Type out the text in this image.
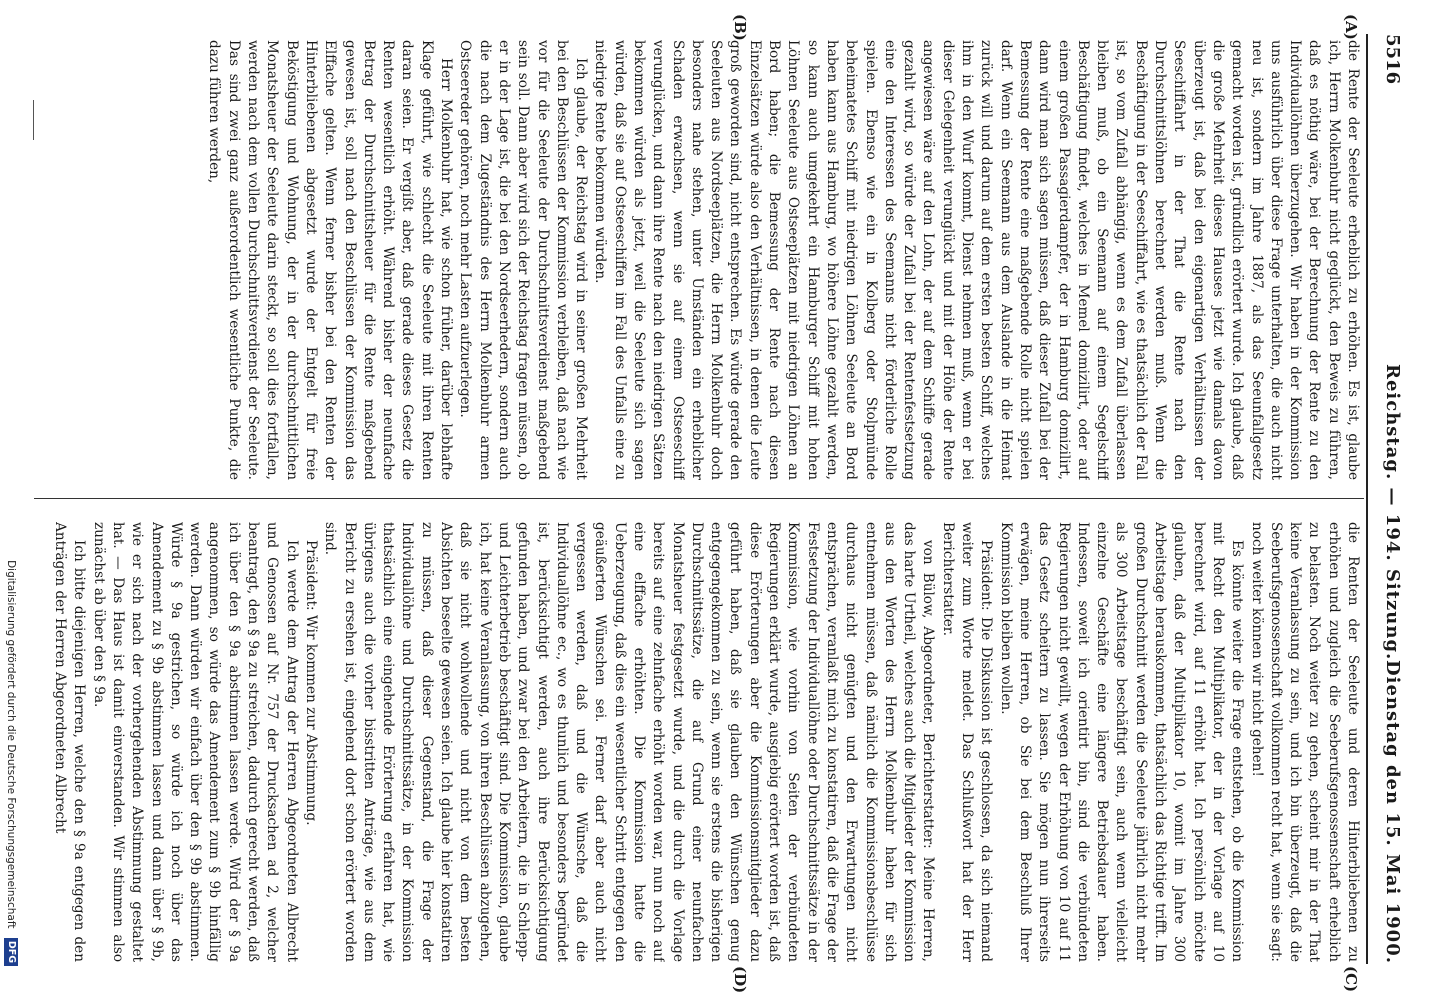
5516
Reichstag. — 194. Sitzung.
Dienstag den 15. Mai 1900.
(A)
(B)
(C)
(D)

die Rente der Seeleute erheblich zu erhöhen. Es ist, glaube ich, Herrn Molkenbuhr nicht geglückt, den Beweis zu führen, daß es nöthig wäre, bei der Berechnung der Rente zu den Individuallöhnen überzugehen. Wir haben in der Kommission uns ausführlich über diese Frage unterhalten, die auch nicht neu ist, sondern im Jahre 1887, als das Seeunfallgesetz gemacht worden ist, gründlich erörtert wurde. Ich glaube, daß die große Mehrheit dieses Hauses jetzt wie damals davon überzeugt ist, daß bei den eigenartigen Verhältnissen der Seeschiffahrt in der That die Rente nach den Durchschnittslöhnen berechnet werden muß. Wenn die Beschäftigung in der Seeschiffahrt, wie es thatsächlich der Fall ist, so vom Zufall abhängig, wenn es dem Zufall überlassen bleiben muß, ob ein Seemann auf einem Segelschiff Beschäftigung findet, welches in Memel domizilirt, oder auf einem großen Passagierdampfer, der in Hamburg domizilirt, dann wird man sich sagen müssen, daß dieser Zufall bei der Bemessung der Rente eine maßgebende Rolle nicht spielen darf. Wenn ein Seemann aus dem Auslande in die Heimat zurück will und darum auf dem ersten besten Schiff, welches ihm in den Wurf kommt, Dienst nehmen muß, wenn er bei dieser Gelegenheit verunglückt und mit der Höhe der Rente angewiesen wäre auf den Lohn, der auf dem Schiffe gerade gezahlt wird, so würde der Zufall bei der Rentenfestsetzung eine den Interessen des Seemanns nicht förderliche Rolle spielen. Ebenso wie ein in Kolberg oder Stolpmünde beheimatetes Schiff mit niedrigen Löhnen Seeleute an Bord haben kann aus Hamburg, wo höhere Löhne gezahlt werden, so kann auch umgekehrt ein Hamburger Schiff mit hohen Löhnen Seeleute aus Ostseeplätzen mit niedrigen Löhnen an Bord haben; die Bemessung der Rente nach diesen Einzelsätzen würde also den Verhältnissen, in denen die Leute groß geworden sind, nicht entsprechen. Es würde gerade den Seeleuten aus Nordseeplätzen, die Herrn Molkenbuhr doch besonders nahe stehen, unter Umständen ein erheblicher Schaden erwachsen, wenn sie auf einem Ostseeschiff verunglücken, und dann ihre Rente nach den niedrigen Sätzen bekommen würden als jetzt, weil die Seeleute sich sagen würden, daß sie auf Ostseeschiffen im Fall des Unfalls eine zu niedrige Rente bekommen würden.

Ich glaube, der Reichstag wird in seiner großen Mehrheit bei den Beschlüssen der Kommission verbleiben, daß nach wie vor für die Seeleute der Durchschnittsverdienst maßgebend sein soll. Dann aber wird sich der Reichstag fragen müssen, ob er in der Lage ist, die bei den Nordseerhedern, sondern auch die nach dem Zugeständnis des Herrn Molkenbuhr armen Ostseereder gehören, noch mehr Lasten aufzuerlegen.

Herr Molkenbuhr hat, wie schon früher, darüber lebhafte Klage geführt, wie schlecht die Seeleute mit ihren Renten daran seien. Er vergißt aber, daß gerade dieses Gesetz die Renten wesentlich erhöht. Während bisher der neunfache Betrag der Durchschnittsheuer für die Rente maßgebend gewesen ist, soll nach den Beschlüssen der Kommission das Elffache gelten. Wenn ferner bisher bei den Renten der Hinterbliebenen abgesetzt wurde der Entgelt für freie Beköstigung und Wohnung, der in der durchschnittlichen Monatsheuer der Seeleute darin steckt, so soll dies fortfallen, werden nach dem vollen Durchschnittsverdienst der Seeleute. Das sind zwei ganz außerordentlich wesentliche Punkte, die dazu führen werden,

die Renten der Seeleute und deren Hinterbliebenen zu erhöhen und zugleich die Seeberufsgenossenschaft erheblich zu belasten. Noch weiter zu gehen, scheint mir in der That keine Veranlassung zu sein, und ich bin überzeugt, daß die Seeberufsgenossenschaft vollkommen recht hat, wenn sie sagt: noch weiter können wir nicht gehen!

Es könnte weiter die Frage entstehen, ob die Kommission mit Recht den Multiplikator, der in der Vorlage auf 10 berechnet wird, auf 11 erhöht hat. Ich persönlich möchte glauben, daß der Multiplikator 10, womit im Jahre 300 Arbeitstage herauskommen, thatsächlich das Richtige trifft. Im großen Durchschnitt werden die Seeleute jährlich nicht mehr als 300 Arbeitstage beschäftigt sein, auch wenn vielleicht einzelne Geschäfte eine längere Betriebsdauer haben. Indessen, soweit ich orientirt bin, sind die verbündeten Regierungen nicht gewillt, wegen der Erhöhung von 10 auf 11 das Gesetz scheitern zu lassen. Sie mögen nun ihrerseits erwägen, meine Herren, ob Sie bei dem Beschluß Ihrer Kommission bleiben wollen.

Präsident: Die Diskussion ist geschlossen, da sich niemand weiter zum Worte meldet. Das Schlußwort hat der Herr Berichterstatter.

von Bülow, Abgeordneter, Berichterstatter: Meine Herren, das harte Urtheil, welches auch die Mitglieder der Kommission aus den Worten des Herrn Molkenbuhr haben für sich entnehmen müssen, daß nämlich die Kommissionsbeschlüsse durchaus nicht genügten und den Erwartungen nicht entsprächen, veranlaßt mich zu konstatiren, daß die Frage der Festsetzung der Individuallöhne oder Durchschnittssätze in der Kommission, wie vorhin von Seiten der verbündeten Regierungen erklärt wurde, ausgiebig erörtert worden ist, daß diese Erörterungen aber die Kommissionsmitglieder dazu geführt haben, daß sie glauben den Wünschen genug entgegengekommen zu sein, wenn sie erstens die bisherigen Durchschnittssätze, die auf Grund einer neunfachen Monatsheuer festgesetzt wurde, und die durch die Vorlage bereits auf eine zehnfache erhöht worden war, nun noch auf eine elffache erhöhten. Die Kommission hatte die Ueberzeugung, daß dies ein wesentlicher Schritt entgegen den geäußerten Wünschen sei. Ferner darf aber auch nicht vergessen werden, daß und die Wünsche, daß die Individuallöhne ec., wo es thunlich und besonders begründet ist, berücksichtigt werden, auch ihre Berücksichtigung gefunden haben, und zwar bei den Arbeitern, die in Schlepp- und Leichterbetrieb beschäftigt sind. Die Kommission, glaube ich, hat keine Veranlassung, von ihren Beschlüssen abzugehen, daß sie nicht wohlwollende und nicht von dem besten Absichten beseelte gewesen seien. Ich glaube hier konstatiren zu müssen, daß dieser Gegenstand, die Frage der Individuallöhne und Durchschnittssätze, in der Kommission thatsächlich eine eingehende Erörterung erfahren hat, wie übrigens auch die vorher bisstritten Anträge, wie aus dem Bericht zu ersehen ist, eingehend dort schon erörtert worden sind.

Präsident: Wir kommen zur Abstimmung.

Ich werde dem Antrag der Herren Abgeordneten Albrecht und Genossen auf Nr. 757 der Drucksachen ad 2, welcher beantragt, den § 9a zu streichen, dadurch gerecht werden, daß ich über den § 9a abstimmen lassen werde. Wird der § 9a angenommen, so würde das Amendement zum § 9b hinfällig werden. Dann würden wir einfach über den § 9b abstimmen. Würde § 9a gestrichen, so würde ich noch über das Amendement zu § 9b abstimmen lassen und dann über § 9b, wie er sich nach der vorhergehenden Abstimmung gestaltet hat. — Das Haus ist damit einverstanden. Wir stimmen also zunächst ab über den § 9a.

Ich bitte diejenigen Herren, welche den § 9a entgegen den Anträgen der Herren Abgeordneten Albrecht

Digitalisierung gefördert durch die Deutsche Forschungsgemeinschaft DFG
